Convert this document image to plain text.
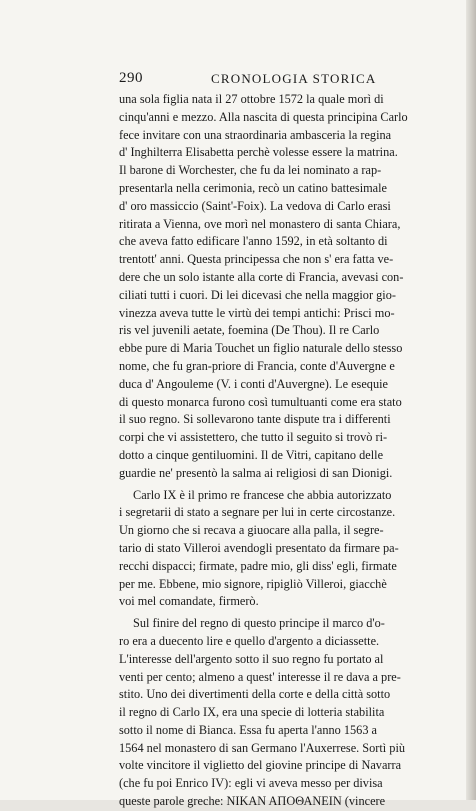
290	CRONOLOGIA STORICA
una sola figlia nata il 27 ottobre 1572 la quale morì di
cinqu'anni e mezzo. Alla nascita di questa principina Carlo
fece invitare con una straordinaria ambasceria la regina
d' Inghilterra Elisabetta perchè volesse essere la matrina.
Il barone di Worchester, che fu da lei nominato a rap-
presentarla nella cerimonia, recò un catino battesimale
d' oro massiccio (Saint'-Foix). La vedova di Carlo erasi
ritirata a Vienna, ove morì nel monastero di santa Chiara,
che aveva fatto edificare l'anno 1592, in età soltanto di
trentott' anni. Questa principessa che non s' era fatta ve-
dere che un solo istante alla corte di Francia, avevasi con-
ciliati tutti i cuori. Di lei dicevasi che nella maggior gio-
vinezza aveva tutte le virtù dei tempi antichi: Prisci mo-
ris vel juvenili aetate, foemina (De Thou). Il re Carlo
ebbe pure di Maria Touchet un figlio naturale dello stesso
nome, che fu gran-priore di Francia, conte d'Auvergne e
duca d' Angouleme (V. i conti d'Auvergne). Le esequie
di questo monarca furono così tumultuanti come era stato
il suo regno. Si sollevarono tante dispute tra i differenti
corpi che vi assistettero, che tutto il seguito si trovò ri-
dotto a cinque gentiluomini. Il de Vitri, capitano delle
guardie ne' presentò la salma ai religiosi di san Dionigi.
Carlo IX è il primo re francese che abbia autorizzato
i segretarii di stato a segnare per lui in certe circostanze.
Un giorno che si recava a giuocare alla palla, il segre-
tario di stato Villeroi avendogli presentato da firmare pa-
recchi dispacci; firmate, padre mio, gli diss' egli, firmate
per me. Ebbene, mio signore, ripigliò Villeroi, giacchè
voi mel comandate, firmerò.
Sul finire del regno di questo principe il marco d'o-
ro era a duecento lire e quello d'argento a diciassette.
L'interesse dell'argento sotto il suo regno fu portato al
venti per cento; almeno a quest' interesse il re dava a pre-
stito. Uno dei divertimenti della corte e della città sotto
il regno di Carlo IX, era una specie di lotteria stabilita
sotto il nome di Bianca. Essa fu aperta l'anno 1563 a
1564 nel monastero di san Germano l'Auxerrese. Sortì più
volte vincitore il viglietto del giovine principe di Navarra
(che fu poi Enrico IV): egli vi aveva messo per divisa
queste parole greche: ΝΙΚΑΝ ΑΠΟΘΑΝΕΙΝ (vincere
